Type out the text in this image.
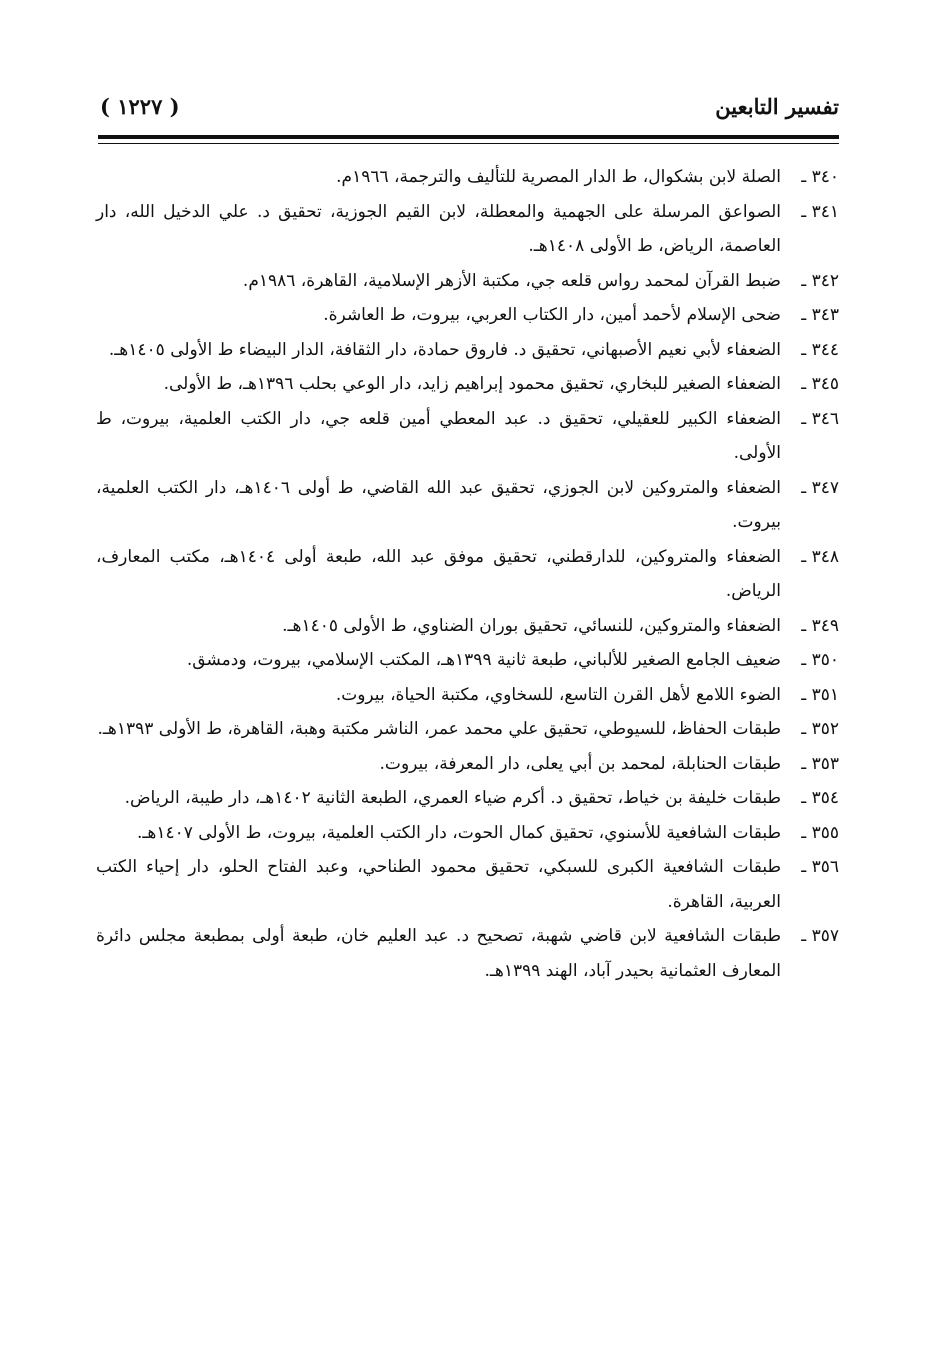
تفسير التابعين
( ١٢٢٧ )
٣٤٠ ـ
الصلة لابن بشكوال، ط الدار المصرية للتأليف والترجمة، ١٩٦٦م.
٣٤١ ـ
الصواعق المرسلة على الجهمية والمعطلة، لابن القيم الجوزية، تحقيق د. علي الدخيل الله، دار العاصمة، الرياض، ط الأولى ١٤٠٨هـ.
٣٤٢ ـ
ضبط القرآن لمحمد رواس قلعه جي، مكتبة الأزهر الإسلامية، القاهرة، ١٩٨٦م.
٣٤٣ ـ
ضحى الإسلام لأحمد أمين، دار الكتاب العربي، بيروت، ط العاشرة.
٣٤٤ ـ
الضعفاء لأبي نعيم الأصبهاني، تحقيق د. فاروق حمادة، دار الثقافة، الدار البيضاء ط الأولى ١٤٠٥هـ.
٣٤٥ ـ
الضعفاء الصغير للبخاري، تحقيق محمود إبراهيم زايد، دار الوعي بحلب ١٣٩٦هـ، ط الأولى.
٣٤٦ ـ
الضعفاء الكبير للعقيلي، تحقيق د. عبد المعطي أمين قلعه جي، دار الكتب العلمية، بيروت، ط الأولى.
٣٤٧ ـ
الضعفاء والمتروكين لابن الجوزي، تحقيق عبد الله القاضي، ط أولى ١٤٠٦هـ، دار الكتب العلمية، بيروت.
٣٤٨ ـ
الضعفاء والمتروكين، للدارقطني، تحقيق موفق عبد الله، طبعة أولى ١٤٠٤هـ، مكتب المعارف، الرياض.
٣٤٩ ـ
الضعفاء والمتروكين، للنسائي، تحقيق بوران الضناوي، ط الأولى ١٤٠٥هـ.
٣٥٠ ـ
ضعيف الجامع الصغير للألباني، طبعة ثانية ١٣٩٩هـ، المكتب الإسلامي، بيروت، ودمشق.
٣٥١ ـ
الضوء اللامع لأهل القرن التاسع، للسخاوي، مكتبة الحياة، بيروت.
٣٥٢ ـ
طبقات الحفاظ، للسيوطي، تحقيق علي محمد عمر، الناشر مكتبة وهبة، القاهرة، ط الأولى ١٣٩٣هـ.
٣٥٣ ـ
طبقات الحنابلة، لمحمد بن أبي يعلى، دار المعرفة، بيروت.
٣٥٤ ـ
طبقات خليفة بن خياط، تحقيق د. أكرم ضياء العمري، الطبعة الثانية ١٤٠٢هـ، دار طيبة، الرياض.
٣٥٥ ـ
طبقات الشافعية للأسنوي، تحقيق كمال الحوت، دار الكتب العلمية، بيروت، ط الأولى ١٤٠٧هـ.
٣٥٦ ـ
طبقات الشافعية الكبرى للسبكي، تحقيق محمود الطناحي، وعبد الفتاح الحلو، دار إحياء الكتب العربية، القاهرة.
٣٥٧ ـ
طبقات الشافعية لابن قاضي شهبة، تصحيح د. عبد العليم خان، طبعة أولى بمطبعة مجلس دائرة المعارف العثمانية بحيدر آباد، الهند ١٣٩٩هـ.
